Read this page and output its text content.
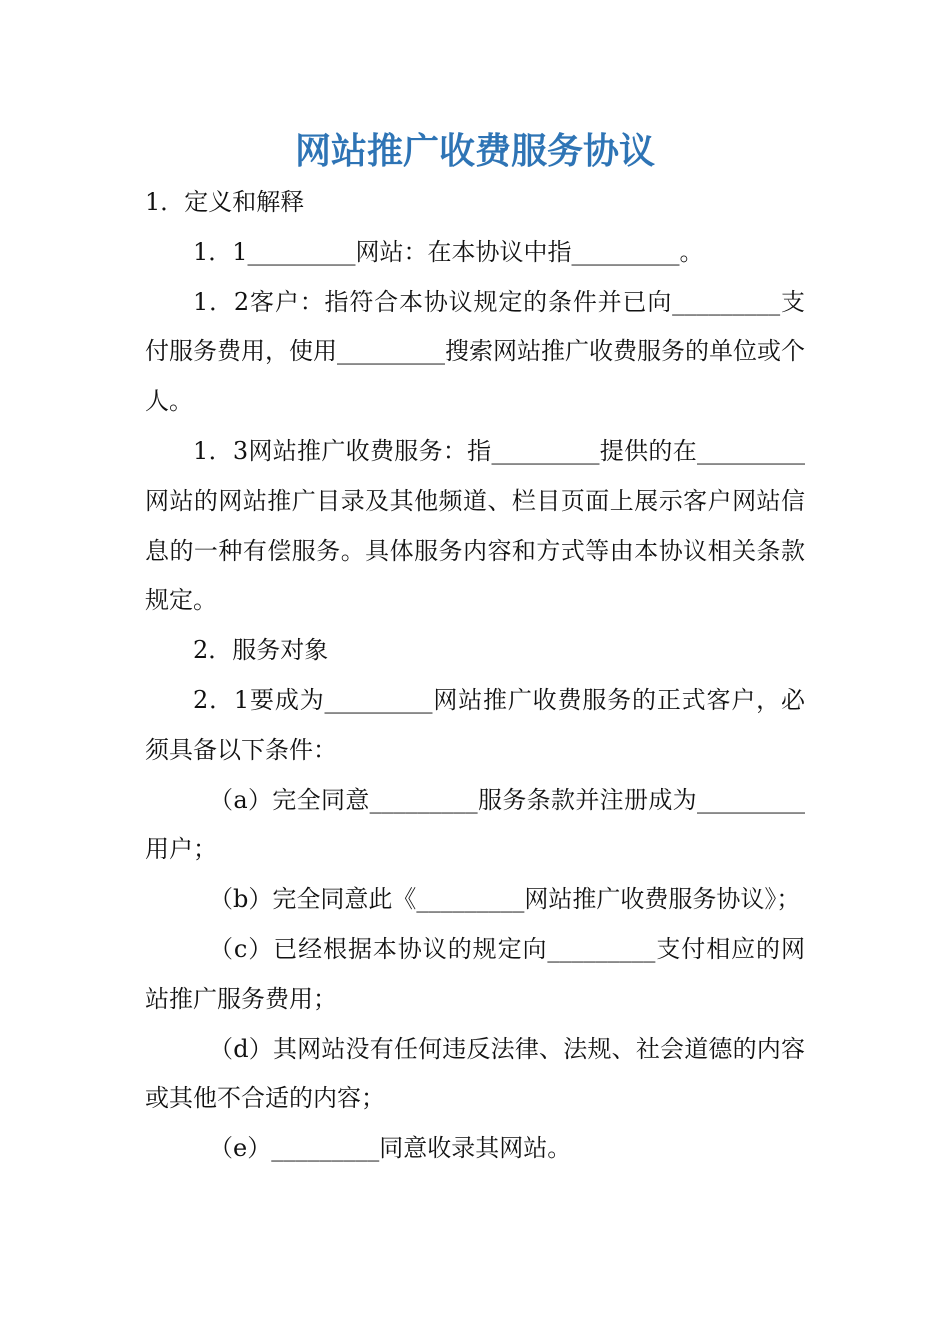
网站推广收费服务协议

1．定义和解释

1．1_________网站：在本协议中指_________。

1．2客户：指符合本协议规定的条件并已向_________支付服务费用，使用_________搜索网站推广收费服务的单位或个人。

1．3网站推广收费服务：指_________提供的在_________网站的网站推广目录及其他频道、栏目页面上展示客户网站信息的一种有偿服务。具体服务内容和方式等由本协议相关条款规定。

2．服务对象

2．1要成为_________网站推广收费服务的正式客户，必须具备以下条件：

（a）完全同意_________服务条款并注册成为_________用户；

（b）完全同意此《_________网站推广收费服务协议》；

（c）已经根据本协议的规定向_________支付相应的网站推广服务费用；

（d）其网站没有任何违反法律、法规、社会道德的内容或其他不合适的内容；

（e）_________同意收录其网站。
